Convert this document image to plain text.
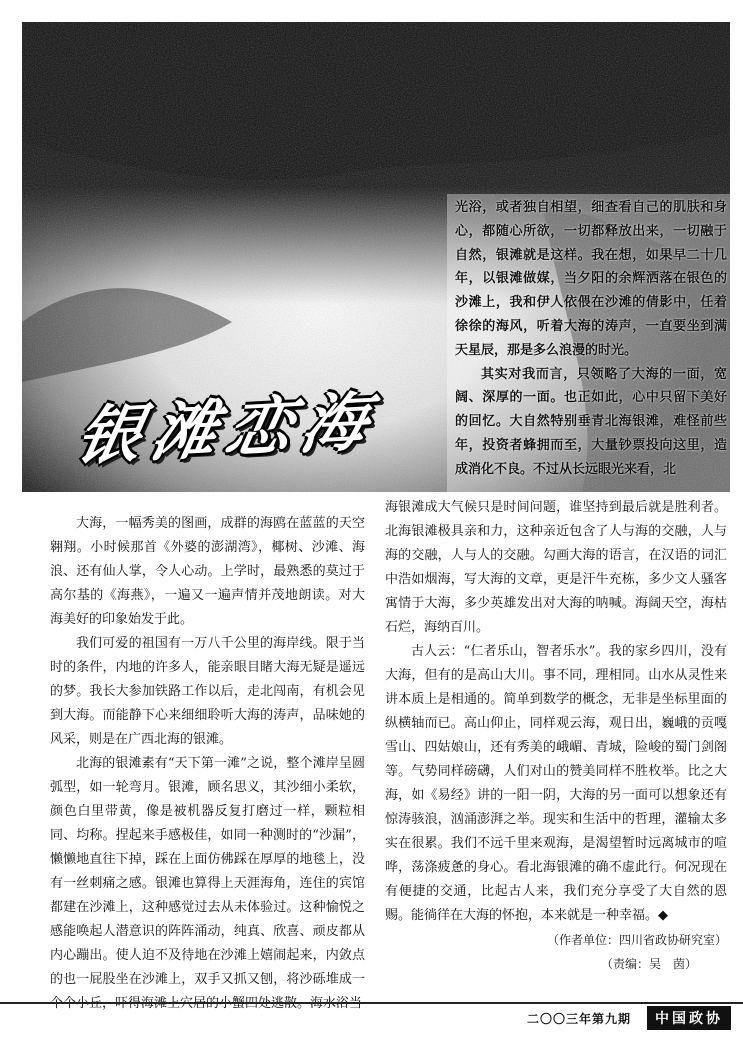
银滩恋海

光浴，或者独自相望，细查看自己的肌肤和身心，都随心所欲，一切都释放出来，一切融于自然，银滩就是这样。我在想，如果早二十几年，以银滩做媒，当夕阳的余辉洒落在银色的沙滩上，我和伊人依偎在沙滩的倩影中，任着徐徐的海风，听着大海的涛声，一直要坐到满天星辰，那是多么浪漫的时光。

其实对我而言，只领略了大海的一面，宽阔、深厚的一面。也正如此，心中只留下美好的回忆。大自然特别垂青北海银滩，难怪前些年，投资者蜂拥而至，大量钞票投向这里，造成消化不良。不过从长远眼光来看，北

大海，一幅秀美的图画，成群的海鸥在蓝蓝的天空翱翔。小时候那首《外婆的澎湖湾》，椰树、沙滩、海浪、还有仙人掌，令人心动。上学时，最熟悉的莫过于高尔基的《海燕》，一遍又一遍声情并茂地朗读。对大海美好的印象始发于此。

我们可爱的祖国有一万八千公里的海岸线。限于当时的条件，内地的许多人，能亲眼目睹大海无疑是遥远的梦。我长大参加铁路工作以后，走北闯南，有机会见到大海。而能静下心来细细聆听大海的涛声，品味她的风采，则是在广西北海的银滩。

北海的银滩素有“天下第一滩”之说，整个滩岸呈圆弧型，如一轮弯月。银滩，顾名思义，其沙细小柔软，颜色白里带黄，像是被机器反复打磨过一样，颗粒相同、均称。捏起来手感极佳，如同一种测时的“沙漏”，懒懒地直往下掉，踩在上面仿佛踩在厚厚的地毯上，没有一丝刺痛之感。银滩也算得上天涯海角，连住的宾馆都建在沙滩上，这种感觉过去从未体验过。这种愉悦之感能唤起人潜意识的阵阵涌动，纯真、欣喜、顽皮都从内心蹦出。使人迫不及待地在沙滩上嬉闹起来，内敛点的也一屁股坐在沙滩上，双手又抓又刨，将沙砾堆成一

海银滩成大气候只是时间问题，谁坚持到最后就是胜利者。北海银滩极具亲和力，这种亲近包含了人与海的交融，人与海的交融，人与人的交融。勾画大海的语言，在汉语的词汇中浩如烟海，写大海的文章，更是汗牛充栋，多少文人骚客寓情于大海，多少英雄发出对大海的呐喊。海阔天空，海枯石烂，海纳百川。

古人云：“仁者乐山，智者乐水”。我的家乡四川，没有大海，但有的是高山大川。事不同，理相同。山水从灵性来讲本质上是相通的。简单到数学的概念，无非是坐标里面的纵横轴而已。高山仰止，同样观云海，观日出，巍峨的贡嘎雪山、四姑娘山，还有秀美的峨嵋、青城，险峻的蜀门剑阁等。气势同样磅礴，人们对山的赞美同样不胜枚举。比之大海，如《易经》讲的一阳一阴，大海的另一面可以想象还有惊涛骇浪，汹涌澎湃之举。现实和生活中的哲理，灌输太多实在很累。我们不远千里来观海，是渴望暂时远离城市的喧哗，荡涤疲惫的身心。看北海银滩的确不虚此行。何况现在有便捷的交通，比起古人来，我们充分享受了大自然的恩赐。能徜徉在大海的怀抱，本来就是一种幸福。◆

（作者单位：四川省政协研究室）

（责编：吴　茵）

二〇〇三年第九期	中国政协
